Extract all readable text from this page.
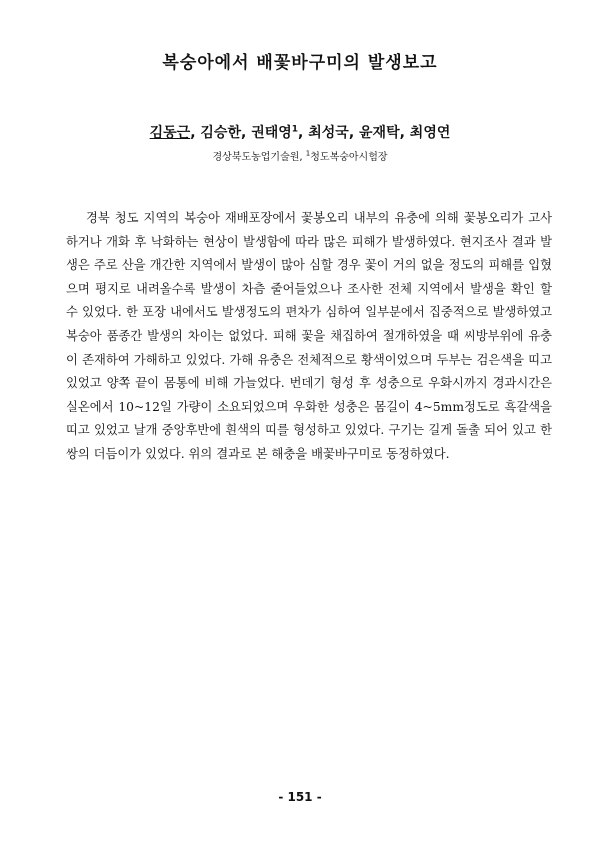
복숭아에서 배꽃바구미의 발생보고
김동근, 김승한, 권태영$^1$, 최성국, 윤재탁, 최영연
경상북도농업기술원, $^1$청도복숭아시험장
경북 청도 지역의 복숭아 재배포장에서 꽃봉오리 내부의 유충에 의해 꽃봉오리가 고사하거나 개화 후 낙화하는 현상이 발생함에 따라 많은 피해가 발생하였다. 현지조사 결과 발생은 주로 산을 개간한 지역에서 발생이 많아 심할 경우 꽃이 거의 없을 정도의 피해를 입혔으며 평지로 내려올수록 발생이 차츰 줄어들었으나 조사한 전체 지역에서 발생을 확인 할 수 있었다. 한 포장 내에서도 발생정도의 편차가 심하여 일부분에서 집중적으로 발생하였고 복숭아 품종간 발생의 차이는 없었다. 피해 꽃을 채집하여 절개하였을 때 씨방부위에 유충이 존재하여 가해하고 있었다. 가해 유충은 전체적으로 황색이었으며 두부는 검은색을 띠고 있었고 양쪽 끝이 몸통에 비해 가늘었다. 번데기 형성 후 성충으로 우화시까지 경과시간은 실온에서 10~12일 가량이 소요되었으며 우화한 성충은 몸길이 4~5mm정도로 흑갈색을 띠고 있었고 날개 중앙후반에 흰색의 띠를 형성하고 있었다. 구기는 길게 돌출 되어 있고 한 쌍의 더듬이가 있었다. 위의 결과로 본 해충을 배꽃바구미로 동정하였다.
- 151 -
